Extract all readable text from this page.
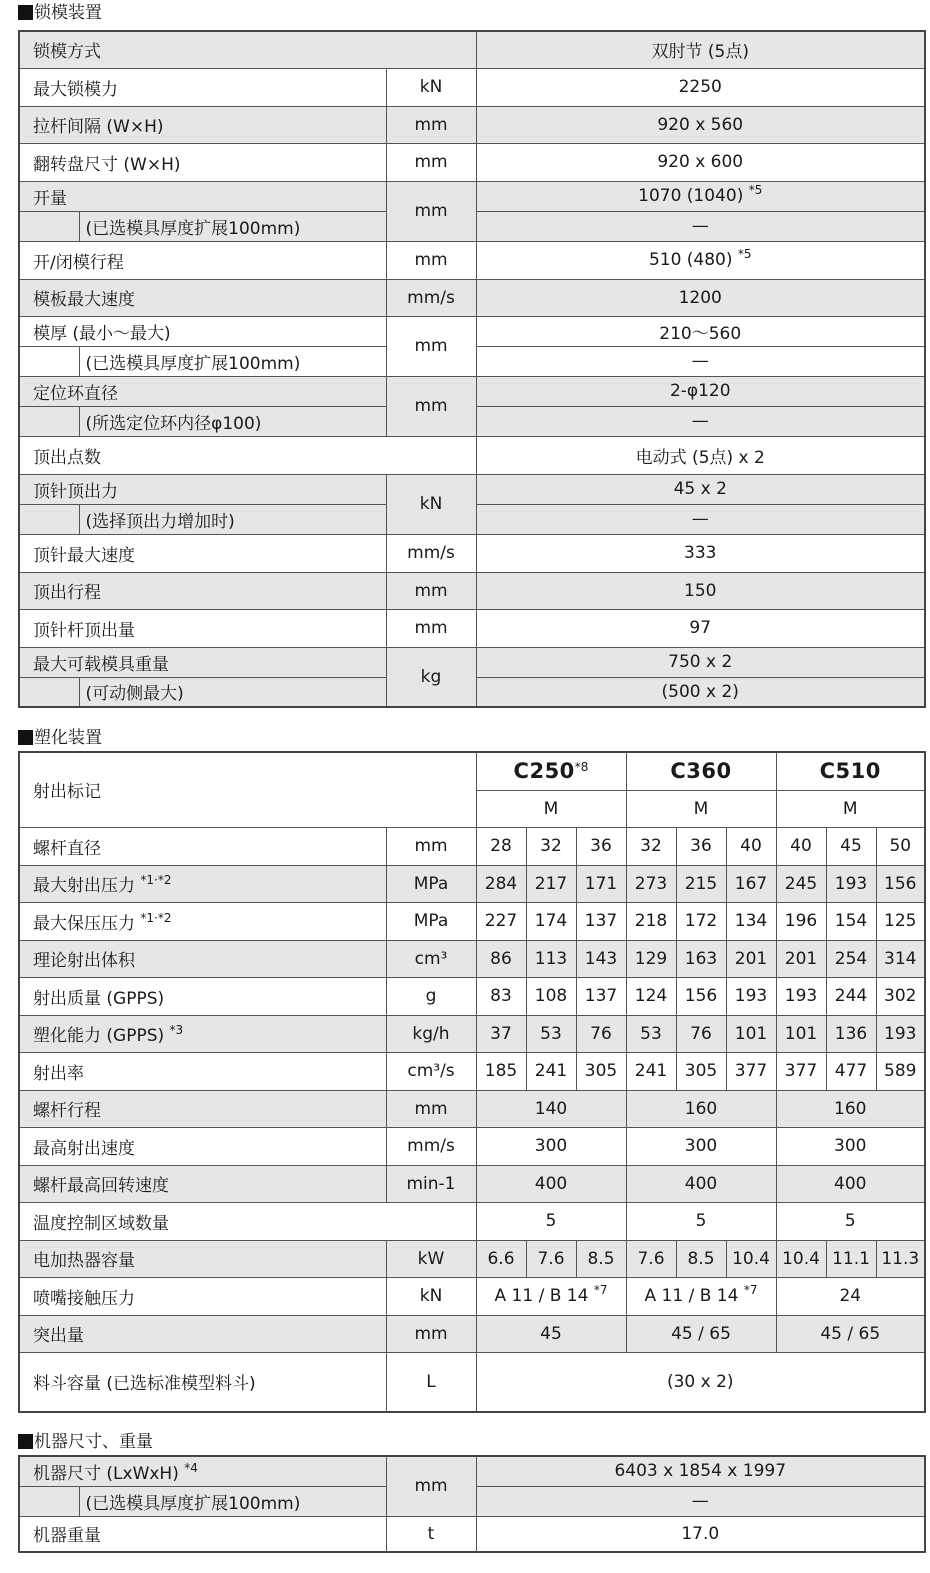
锁模装置
锁模方式			双肘节 (5点)
最大锁模力		kN	2250
拉杆间隔 (W×H)		mm	920 x 560
翻转盘尺寸 (W×H)		mm	920 x 600
开量		mm	1070 (1040) $^{*5}$
	(已选模具厚度扩展100mm)		—
开/闭模行程		mm	510 (480) $^{*5}$
模板最大速度		mm/s	1200
模厚 (最小～最大)		mm	210～560
	(已选模具厚度扩展100mm)		—
定位环直径		mm	2-φ120
	(所选定位环内径φ100)		—
顶出点数			电动式 (5点) x 2
顶针顶出力		kN	45 x 2
	(选择顶出力增加时)		—
顶针最大速度		mm/s	333
顶出行程		mm	150
顶针杆顶出量		mm	97
最大可载模具重量		kg	750 x 2
	(可动侧最大)		(500 x 2)
塑化装置
射出标记		C250$^{*8}$			C360			C510		
		M			M			M		
螺杆直径	mm	28	32	36	32	36	40	40	45	50
最大射出压力 $^{*1\cdot*2}$	MPa	284	217	171	273	215	167	245	193	156
最大保压压力 $^{*1\cdot*2}$	MPa	227	174	137	218	172	134	196	154	125
理论射出体积	cm³	86	113	143	129	163	201	201	254	314
射出质量 (GPPS)	g	83	108	137	124	156	193	193	244	302
塑化能力 (GPPS) $^{*3}$	kg/h	37	53	76	53	76	101	101	136	193
射出率	cm³/s	185	241	305	241	305	377	377	477	589
螺杆行程	mm	140			160			160		
最高射出速度	mm/s	300			300			300		
螺杆最高回转速度	min-1	400			400			400		
温度控制区域数量		5			5			5		
电加热器容量	kW	6.6	7.6	8.5	7.6	8.5	10.4	10.4	11.1	11.3
喷嘴接触压力	kN	A 11 / B 14 $^{*7}$			A 11 / B 14 $^{*7}$			24		
突出量	mm	45			45 / 65			45 / 65		
料斗容量 (已选标准模型料斗)	L	(30 x 2)								
机器尺寸、重量
机器尺寸 (LxWxH) $^{*4}$		mm	6403 x 1854 x 1997
	(已选模具厚度扩展100mm)		—
机器重量		t	17.0
